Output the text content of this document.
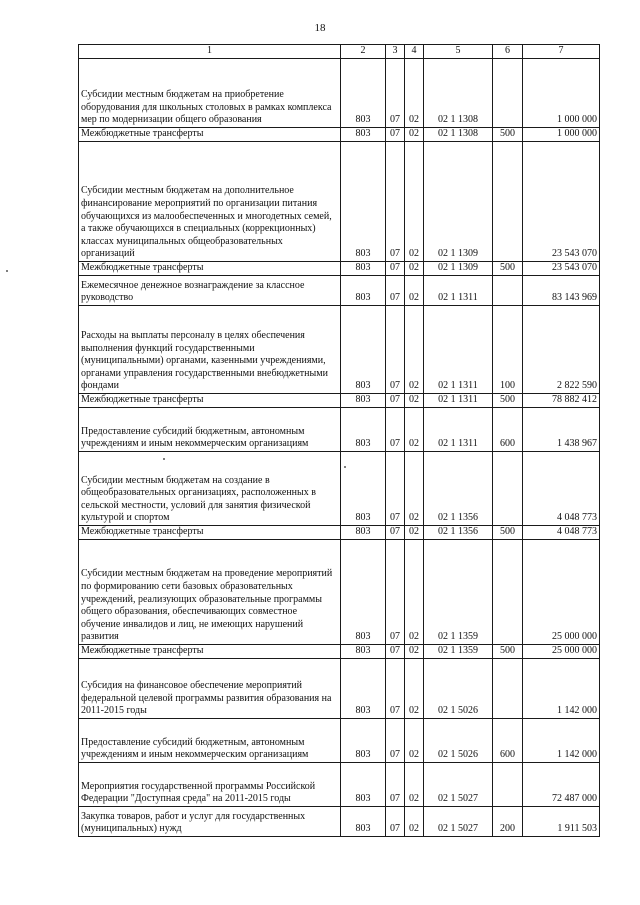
18
1	2	3	4	5	6	7
Субсидии местным бюджетам на приобретение оборудования для школьных столовых в рамках комплекса мер по модернизации общего образования	803	07	02	02 1 1308		1 000 000
Межбюджетные трансферты	803	07	02	02 1 1308	500	1 000 000
Субсидии местным бюджетам на дополнительное финансирование мероприятий по организации питания обучающихся из малообеспеченных и многодетных семей, а также обучающихся в специальных (коррекционных) классах муниципальных общеобразовательных организаций	803	07	02	02 1 1309		23 543 070
Межбюджетные трансферты	803	07	02	02 1 1309	500	23 543 070
Ежемесячное денежное вознаграждение за классное руководство	803	07	02	02 1 1311		83 143 969
Расходы на выплаты персоналу в целях обеспечения выполнения функций государственными (муниципальными) органами, казенными учреждениями, органами управления государственными внебюджетными фондами	803	07	02	02 1 1311	100	2 822 590
Межбюджетные трансферты	803	07	02	02 1 1311	500	78 882 412
Предоставление субсидий бюджетным, автономным учреждениям и иным некоммерческим организациям	803	07	02	02 1 1311	600	1 438 967
Субсидии местным бюджетам на создание в общеобразовательных организациях, расположенных в сельской местности, условий для занятия физической культурой и спортом	803	07	02	02 1 1356		4 048 773
Межбюджетные трансферты	803	07	02	02 1 1356	500	4 048 773
Субсидии местным бюджетам на проведение мероприятий по формированию сети базовых образовательных учреждений, реализующих образовательные программы общего образования, обеспечивающих совместное обучение инвалидов и лиц, не имеющих нарушений развития	803	07	02	02 1 1359		25 000 000
Межбюджетные трансферты	803	07	02	02 1 1359	500	25 000 000
Субсидия на финансовое обеспечение мероприятий федеральной целевой программы развития образования на 2011-2015 годы	803	07	02	02 1 5026		1 142 000
Предоставление субсидий бюджетным, автономным учреждениям и иным некоммерческим организациям	803	07	02	02 1 5026	600	1 142 000
Мероприятия государственной программы Российской Федерации "Доступная среда" на 2011-2015 годы	803	07	02	02 1 5027		72 487 000
Закупка товаров, работ и услуг для государственных (муниципальных) нужд	803	07	02	02 1 5027	200	1 911 503
